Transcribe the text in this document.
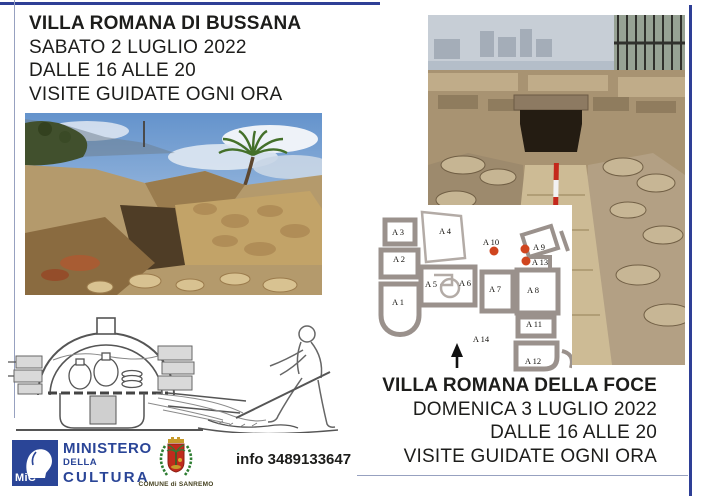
VILLA ROMANA DI BUSSANA
SABATO 2 LUGLIO 2022
DALLE 16 ALLE 20
VISITE GUIDATE OGNI ORA
A 1
A 2
A 3	A 4
A 5	A 6
A 7	A 8
A 9
A 10
A 11
A 12
A 13
A 14
VILLA ROMANA DELLA FOCE
DOMENICA 3 LUGLIO 2022
DALLE 16 ALLE 20
VISITE GUIDATE OGNI ORA
MiC
MINISTERO
DELLA
CULTURA
COMUNE di SANREMO
info 3489133647
